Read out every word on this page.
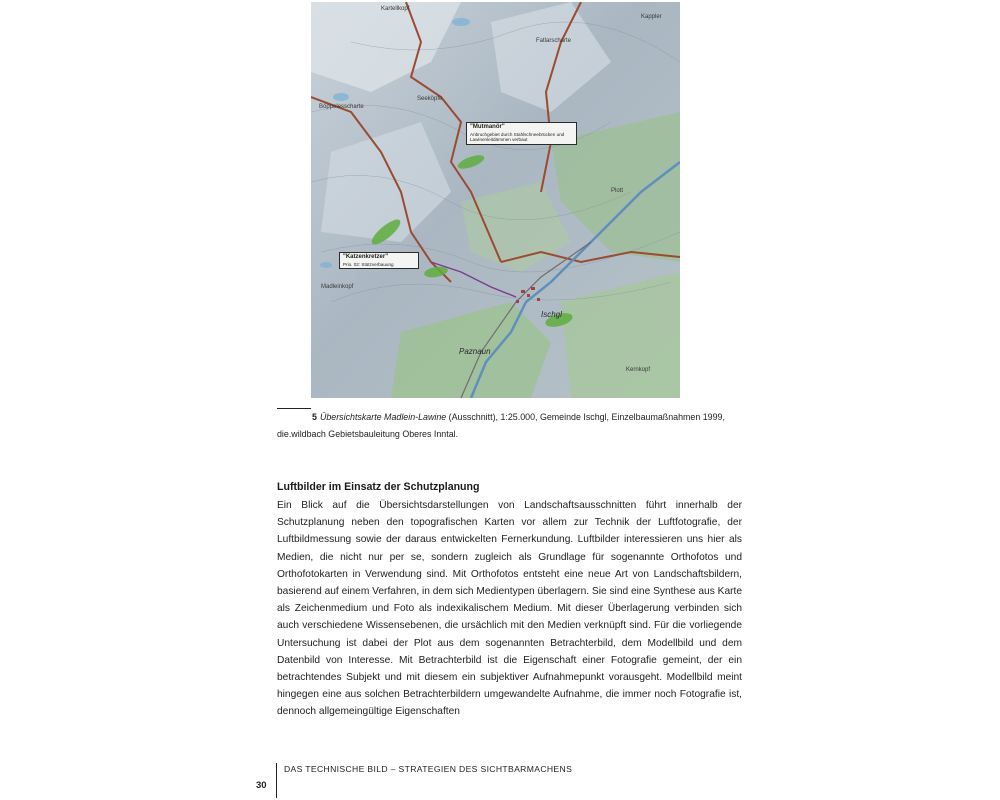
Kartellkopf
Kappler
Fatlarscharte
Seeköpfe
Böppelesscharte
Madleinkopf
Plott
Ischgl
Paznaun
Kernkopf
"Mutmanör"
Anbruchgebiet durch Stahlschneebrücken und Lawinenleitdämmen verbaut
"Katzenkretzer"
Prio. 02: Stützverbauung
5 Übersichtskarte Madlein-Lawine (Ausschnitt), 1:25.000, Gemeinde Ischgl, Einzelbaumaßnahmen 1999, die.wildbach Gebietsbauleitung Oberes Inntal.
Luftbilder im Einsatz der Schutzplanung

Ein Blick auf die Übersichtsdarstellungen von Landschaftsausschnitten führt innerhalb der Schutzplanung neben den topografischen Karten vor allem zur Technik der Luftfotografie, der Luftbildmessung sowie der daraus entwickelten Fernerkundung. Luftbilder interessieren uns hier als Medien, die nicht nur per se, sondern zugleich als Grundlage für sogenannte Orthofotos und Orthofotokarten in Verwendung sind. Mit Orthofotos entsteht eine neue Art von Landschaftsbildern, basierend auf einem Verfahren, in dem sich Medientypen überlagern. Sie sind eine Synthese aus Karte als Zeichenmedium und Foto als indexikalischem Medium. Mit dieser Überlagerung verbinden sich auch verschiedene Wissensebenen, die ursächlich mit den Medien verknüpft sind. Für die vorliegende Untersuchung ist dabei der Plot aus dem sogenannten Betrachterbild, dem Modellbild und dem Datenbild von Interesse. Mit Betrachterbild ist die Eigenschaft einer Fotografie gemeint, der ein betrachtendes Subjekt und mit diesem ein subjektiver Aufnahmepunkt vorausgeht. Modellbild meint hingegen eine aus solchen Betrachterbildern umgewandelte Aufnahme, die immer noch Fotografie ist, dennoch allgemeingültige Eigenschaften

30
DAS TECHNISCHE BILD – STRATEGIEN DES SICHTBARMACHENS
